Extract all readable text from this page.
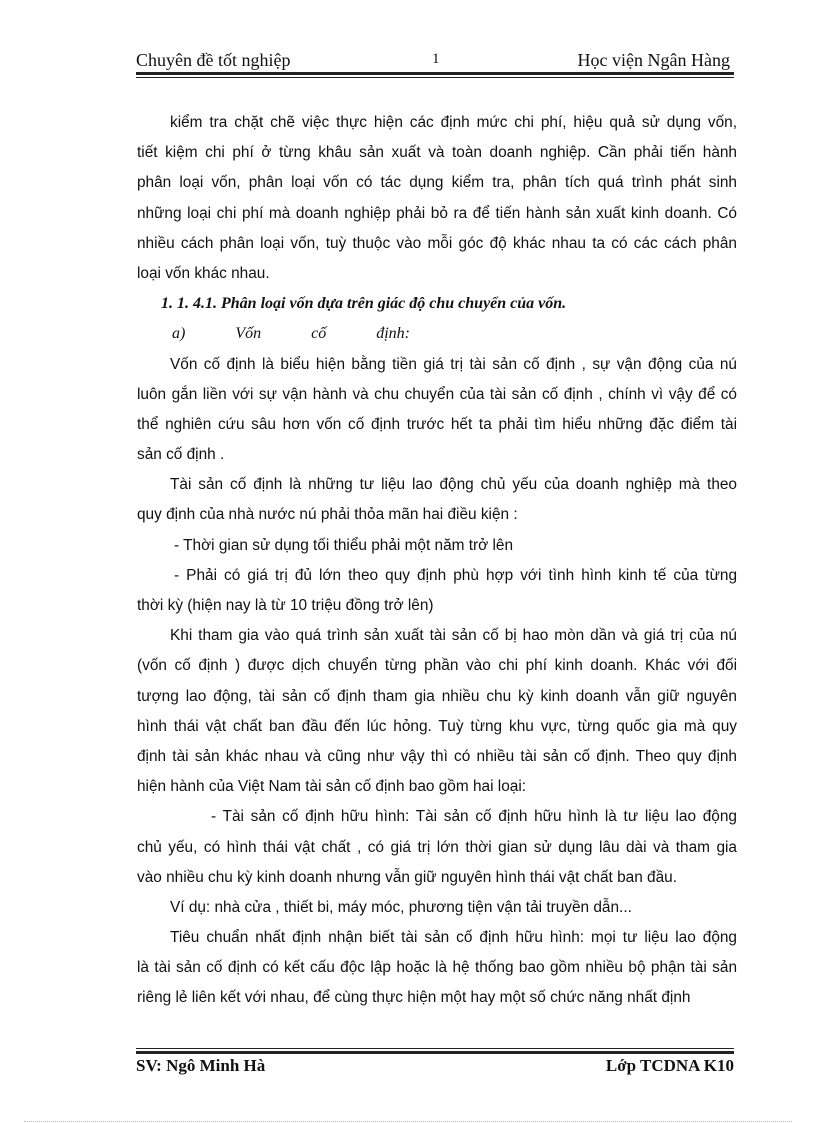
Chuyên đề tốt nghiệp	1	Học viện Ngân Hàng
kiểm tra chặt chẽ việc thực hiện các định mức chi phí, hiệu quả sử dụng vốn,
tiết kiệm chi phí ở từng khâu sản xuất và toàn doanh nghiệp. Cần phải tiến hành
phân loại vốn, phân loại vốn có tác dụng kiểm tra, phân tích quá trình phát sinh
những loại chi phí mà doanh nghiệp phải bỏ ra để tiến hành sản xuất kinh doanh. Có
nhiều cách phân loại vốn, tuỳ thuộc vào mỗi góc độ khác nhau ta có các cách phân
loại vốn khác nhau.
1. 1. 4.1. Phân loại vốn dựa trên giác độ chu chuyển của vốn.
a) Vốn cố định:
Vốn cố định là biểu hiện bằng tiền giá trị tài sản cố định , sự vận động của nú
luôn gắn liền với sự vận hành và chu chuyển của tài sản cố định , chính vì vậy để có
thể nghiên cứu sâu hơn vốn cố định trước hết ta phải tìm hiểu những đặc điểm tài
sản cố định .
Tài sản cố định là những tư liệu lao động chủ yếu của doanh nghiệp mà theo
quy định của nhà nước nú phải thỏa mãn hai điều kiện :
- Thời gian sử dụng tối thiểu phải một năm trở lên
- Phải có giá trị đủ lớn theo quy định phù hợp với tình hình kinh tế của từng
thời kỳ (hiện nay là từ 10 triệu đồng trở lên)
Khi tham gia vào quá trình sản xuất tài sản cố bị hao mòn dần và giá trị của nú
(vốn cố định ) được dịch chuyển từng phần vào chi phí kinh doanh. Khác với đối
tượng lao động, tài sản cố định tham gia nhiều chu kỳ kinh doanh vẫn giữ nguyên
hình thái vật chất ban đầu đến lúc hỏng. Tuỳ từng khu vực, từng quốc gia mà quy
định tài sản khác nhau và cũng như vậy thì có nhiều tài sản cố định. Theo quy định
hiện hành của Việt Nam tài sản cố định bao gồm hai loại:
- Tài sản cố định hữu hình: Tài sản cố định hữu hình là tư liệu lao động
chủ yếu, có hình thái vật chất , có giá trị lớn thời gian sử dụng lâu dài và tham gia
vào nhiều chu kỳ kinh doanh nhưng vẫn giữ nguyên hình thái vật chất ban đầu.
Ví dụ: nhà cửa , thiết bi, máy móc, phương tiện vận tải truyền dẫn...
Tiêu chuẩn nhất định nhận biết tài sản cố định hữu hình: mọi tư liệu lao động
là tài sản cố định có kết cấu độc lập hoặc là hệ thống bao gồm nhiều bộ phận tài sản
riêng lẻ liên kết với nhau, để cùng thực hiện một hay một số chức năng nhất định
SV: Ngô Minh Hà	Lớp TCDNA K10
